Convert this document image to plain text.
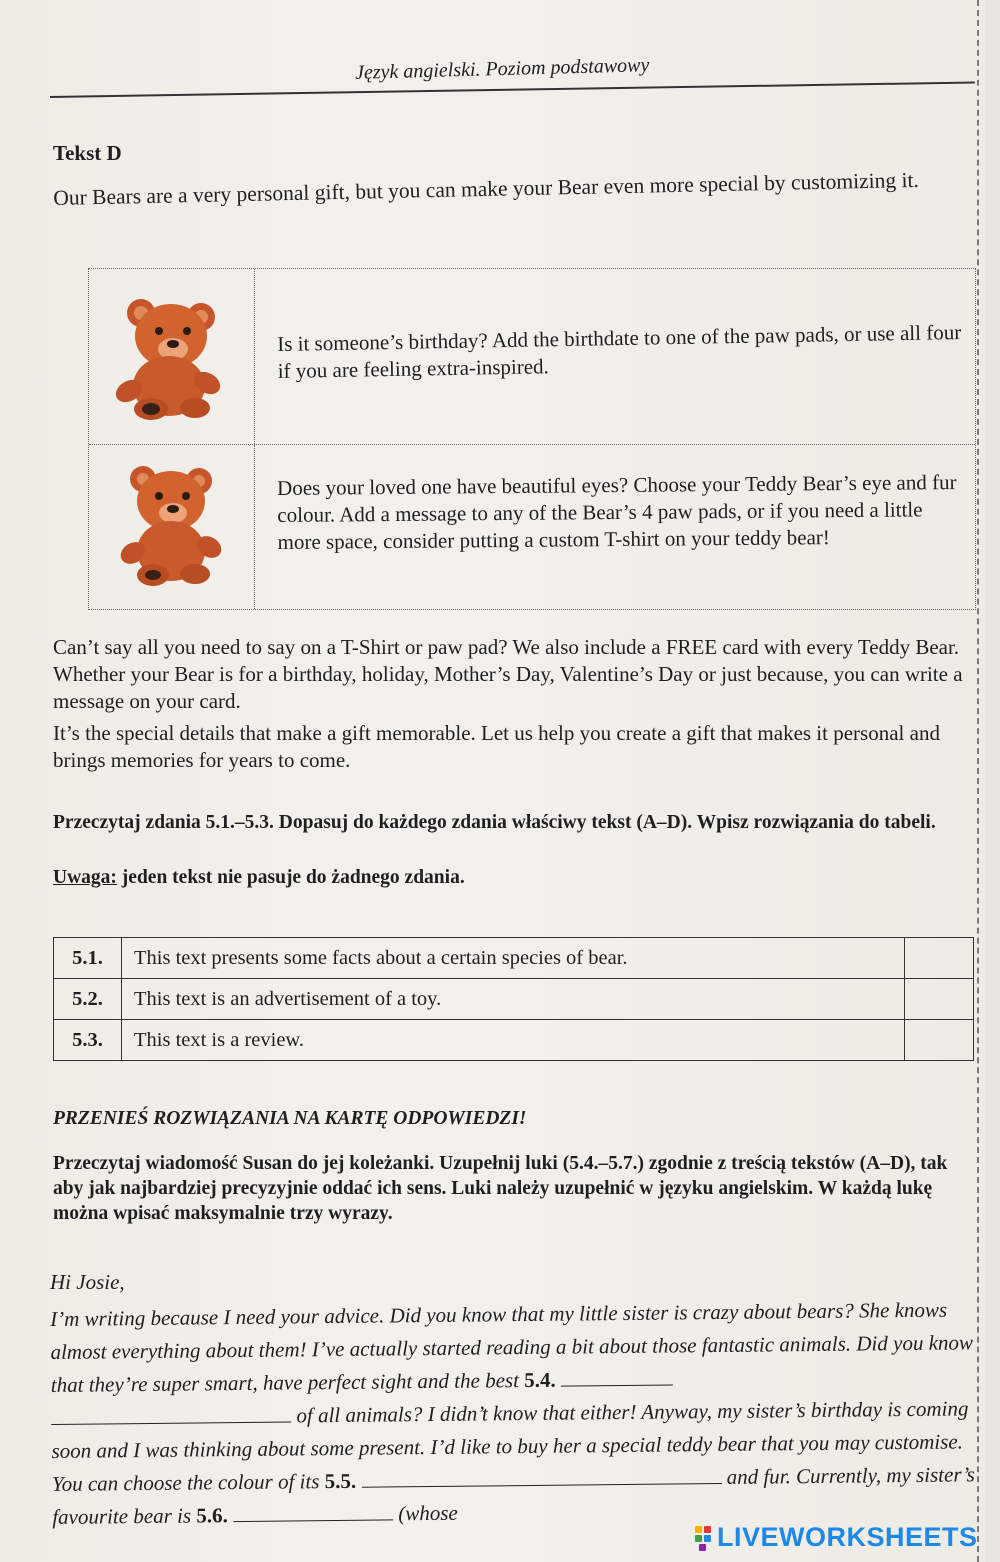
Język angielski. Poziom podstawowy
Tekst D
Our Bears are a very personal gift, but you can make your Bear even more special by customizing it.
Is it someone’s birthday? Add the birthdate to one of the paw pads, or use all four if you are feeling extra-inspired.
Does your loved one have beautiful eyes? Choose your Teddy Bear’s eye and fur colour. Add a message to any of the Bear’s 4 paw pads, or if you need a little more space, consider putting a custom T-shirt on your teddy bear!
Can’t say all you need to say on a T-Shirt or paw pad? We also include a FREE card with every Teddy Bear. Whether your Bear is for a birthday, holiday, Mother’s Day, Valentine’s Day or just because, you can write a message on your card.
It’s the special details that make a gift memorable. Let us help you create a gift that makes it personal and brings memories for years to come.
Przeczytaj zdania 5.1.–5.3. Dopasuj do każdego zdania właściwy tekst (A–D). Wpisz rozwiązania do tabeli.
Uwaga: jeden tekst nie pasuje do żadnego zdania.
5.1.	This text presents some facts about a certain species of bear.	
5.2.	This text is an advertisement of a toy.	
5.3.	This text is a review.	
PRZENIEŚ ROZWIĄZANIA NA KARTĘ ODPOWIEDZI!
Przeczytaj wiadomość Susan do jej koleżanki. Uzupełnij luki (5.4.–5.7.) zgodnie z treścią tekstów (A–D), tak aby jak najbardziej precyzyjnie oddać ich sens. Luki należy uzupełnić w języku angielskim. W każdą lukę można wpisać maksymalnie trzy wyrazy.
Hi Josie,
I’m writing because I need your advice. Did you know that my little sister is crazy about bears? She knows almost everything about them! I’ve actually started reading a bit about those fantastic animals. Did you know that they’re super smart, have perfect sight and the best 5.4.
of all animals? I didn’t know that either! Anyway, my sister’s birthday is coming soon and I was thinking about some present. I’d like to buy her a special teddy bear that you may customise. You can choose the colour of its 5.5.	and fur. Currently, my sister’s favourite bear is 5.6.	(whose
LIVEWORKSHEETS
